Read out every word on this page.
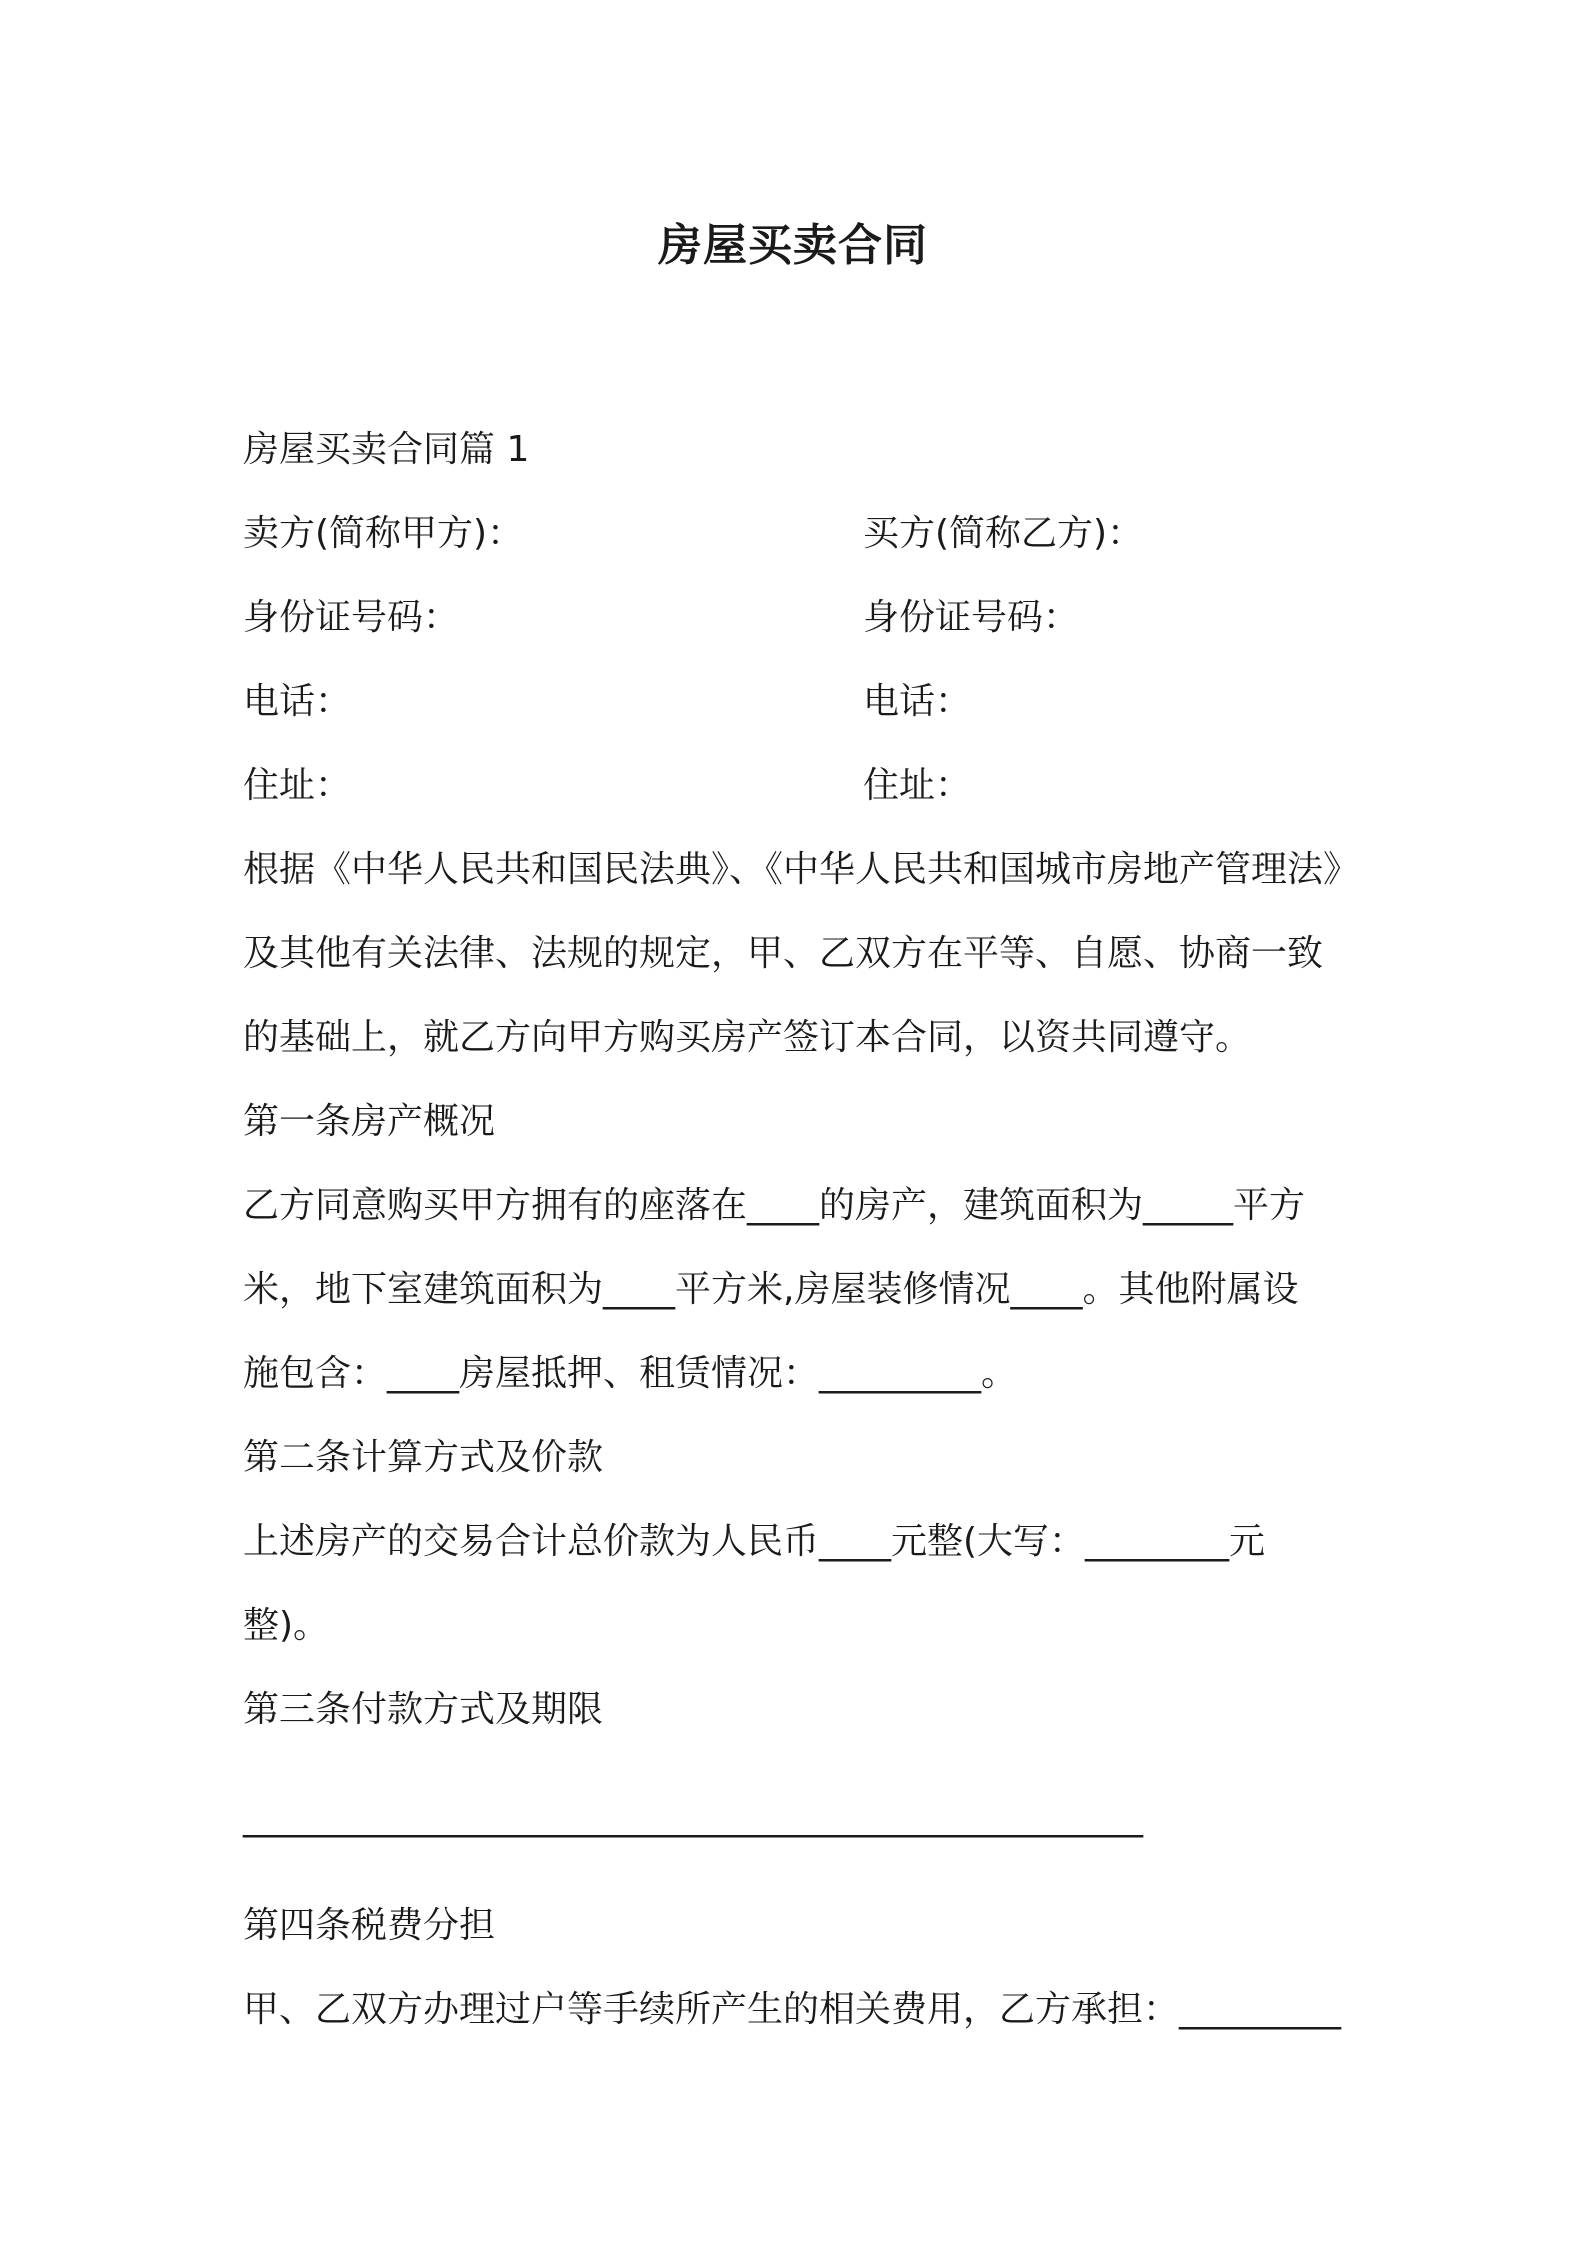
房屋买卖合同
房屋买卖合同篇 1
卖方(简称甲方)：	买方(简称乙方)：
身份证号码：	身份证号码：
电话：	电话：
住址：	住址：
根据《中华人民共和国民法典》、《中华人民共和国城市房地产管理法》
及其他有关法律、法规的规定，甲、乙双方在平等、自愿、协商一致
的基础上，就乙方向甲方购买房产签订本合同，以资共同遵守。
第一条房产概况
乙方同意购买甲方拥有的座落在____的房产，建筑面积为_____平方
米，地下室建筑面积为____平方米,房屋装修情况____。其他附属设
施包含：____房屋抵押、租赁情况：_________。
第二条计算方式及价款
上述房产的交易合计总价款为人民币____元整(大写：________元
整)。
第三条付款方式及期限
__________________________________________________
第四条税费分担
甲、乙双方办理过户等手续所产生的相关费用，乙方承担：_________
